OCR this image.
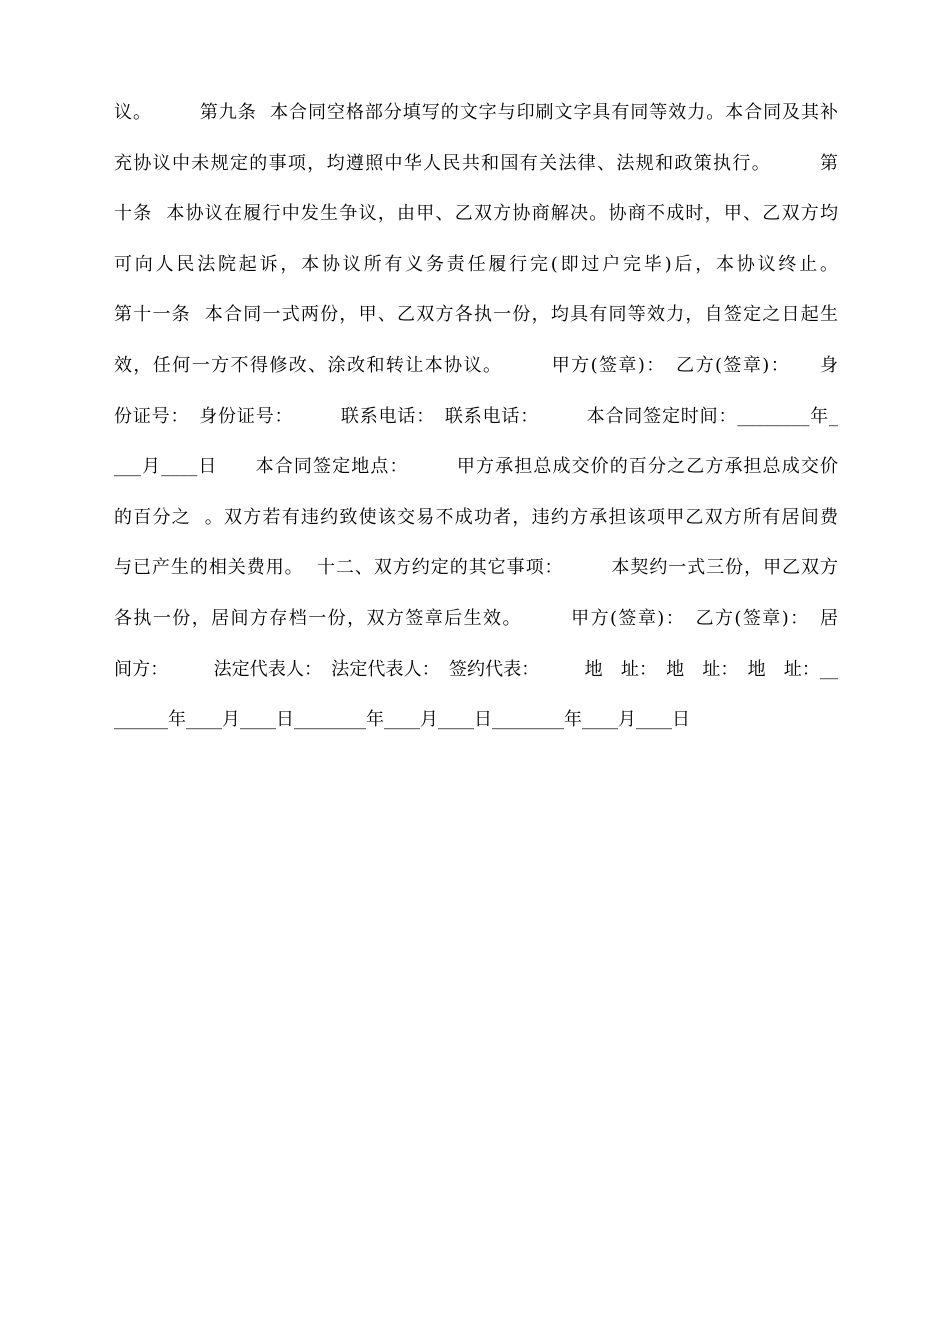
议。　　　第九条  本合同空格部分填写的文字与印刷文字具有同等效力。本合同及其补
充协议中未规定的事项，均遵照中华人民共和国有关法律、法规和政策执行。　　　第
十条  本协议在履行中发生争议，由甲、乙双方协商解决。协商不成时，甲、乙双方均
可向人民法院起诉，本协议所有义务责任履行完(即过户完毕)后，本协议终止。
第十一条  本合同一式两份，甲、乙双方各执一份，均具有同等效力，自签定之日起生
效，任何一方不得修改、涂改和转让本协议。　　　甲方(签章)：　乙方(签章)：　　身
份证号：　身份证号：　　　联系电话：　联系电话：　　　本合同签定时间：________年_
___月____日　　本合同签定地点：　　　甲方承担总成交价的百分之乙方承担总成交价
的百分之  。双方若有违约致使该交易不成功者，违约方承担该项甲乙双方所有居间费
与已产生的相关费用。  十二、双方约定的其它事项：　　　本契约一式三份，甲乙双方
各执一份，居间方存档一份，双方签章后生效。　　　甲方(签章)：　乙方(签章)：　居
间方：　　　法定代表人：　法定代表人：　签约代表：　　　地　址：　地　址：　地　址：__
______年____月____日________年____月____日________年____月____日
